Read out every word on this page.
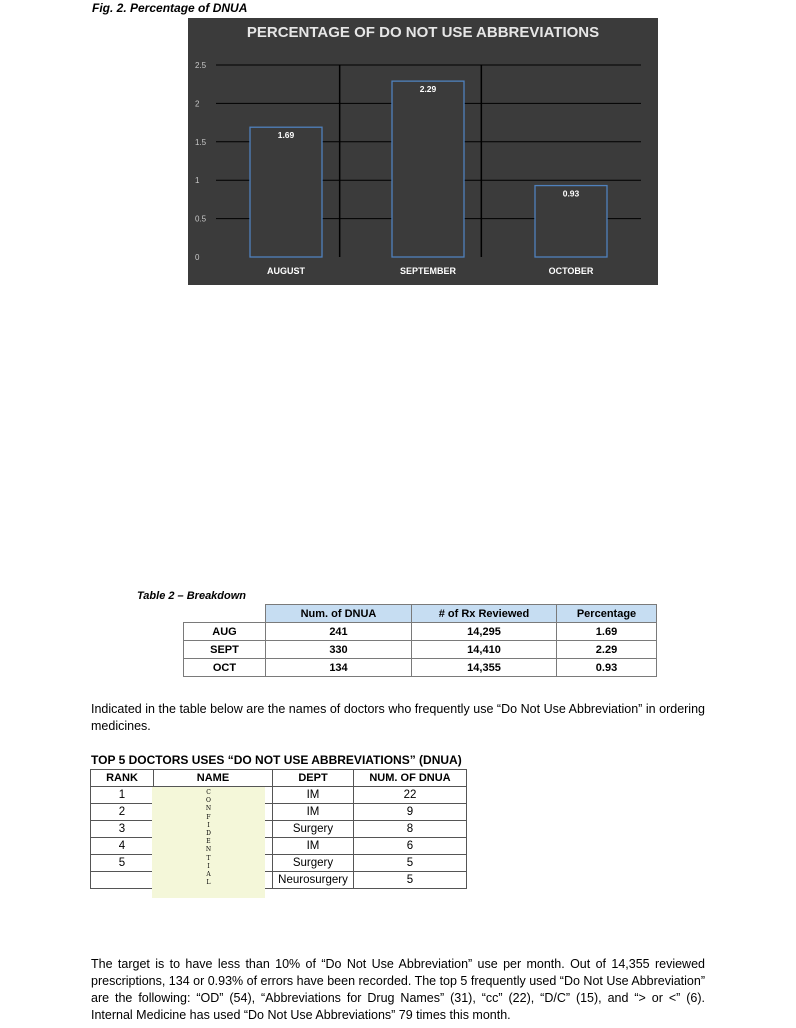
Fig. 2. Percentage of DNUA
PERCENTAGE OF DO NOT USE ABBREVIATIONS
0
0.5
1
1.5
2
2.5
1.69
AUGUST
2.29
SEPTEMBER
0.93
OCTOBER
Table 2 – Breakdown
	Num. of DNUA	# of Rx Reviewed	Percentage
AUG	241	14,295	1.69
SEPT	330	14,410	2.29
OCT	134	14,355	0.93

Indicated in the table below are the names of doctors who frequently use “Do Not Use Abbreviation” in ordering medicines.

TOP 5 DOCTORS USES “DO NOT USE ABBREVIATIONS” (DNUA)
RANK	NAME	DEPT	NUM. OF DNUA
1		IM	22
2		IM	9
3		Surgery	8
4		IM	6
5		Surgery	5
		Neurosurgery	5
C
O
N
F
I
D
E
N
T
I
A
L

The target is to have less than 10% of “Do Not Use Abbreviation” use per month. Out of 14,355 reviewed prescriptions, 134 or 0.93% of errors have been recorded. The top 5 frequently used “Do Not Use Abbreviation” are the following: “OD” (54), “Abbreviations for Drug Names” (31), “cc” (22), “D/C” (15), and “> or <” (6). Internal Medicine has used “Do Not Use Abbreviations” 79 times this month.
